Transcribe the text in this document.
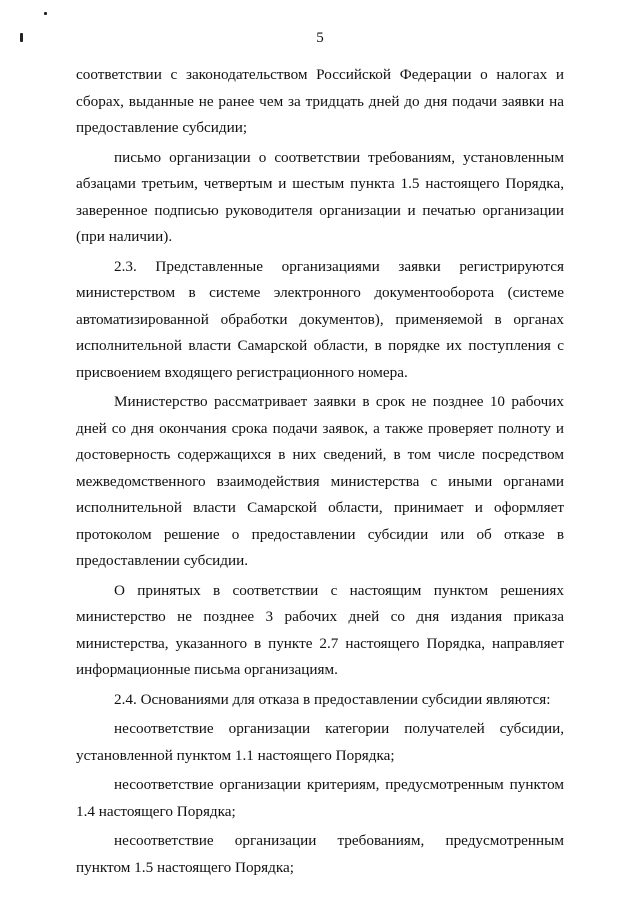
5

соответствии с законодательством Российской Федерации о налогах и сборах, выданные не ранее чем за тридцать дней до дня подачи заявки на предоставление субсидии;

письмо организации о соответствии требованиям, установленным абзацами третьим, четвертым и шестым пункта 1.5 настоящего Порядка, заверенное подписью руководителя организации и печатью организации (при наличии).

2.3. Представленные организациями заявки регистрируются министерством в системе электронного документооборота (системе автоматизированной обработки документов), применяемой в органах исполнительной власти Самарской области, в порядке их поступления с присвоением входящего регистрационного номера.

Министерство рассматривает заявки в срок не позднее 10 рабочих дней со дня окончания срока подачи заявок, а также проверяет полноту и достоверность содержащихся в них сведений, в том числе посредством межведомственного взаимодействия министерства с иными органами исполнительной власти Самарской области, принимает и оформляет протоколом решение о предоставлении субсидии или об отказе в предоставлении субсидии.

О принятых в соответствии с настоящим пунктом решениях министерство не позднее 3 рабочих дней со дня издания приказа министерства, указанного в пункте 2.7 настоящего Порядка, направляет информационные письма организациям.

2.4. Основаниями для отказа в предоставлении субсидии являются:

несоответствие организации категории получателей субсидии, установленной пунктом 1.1 настоящего Порядка;

несоответствие организации критериям, предусмотренным пунктом 1.4 настоящего Порядка;

несоответствие организации требованиям, предусмотренным пунктом 1.5 настоящего Порядка;
